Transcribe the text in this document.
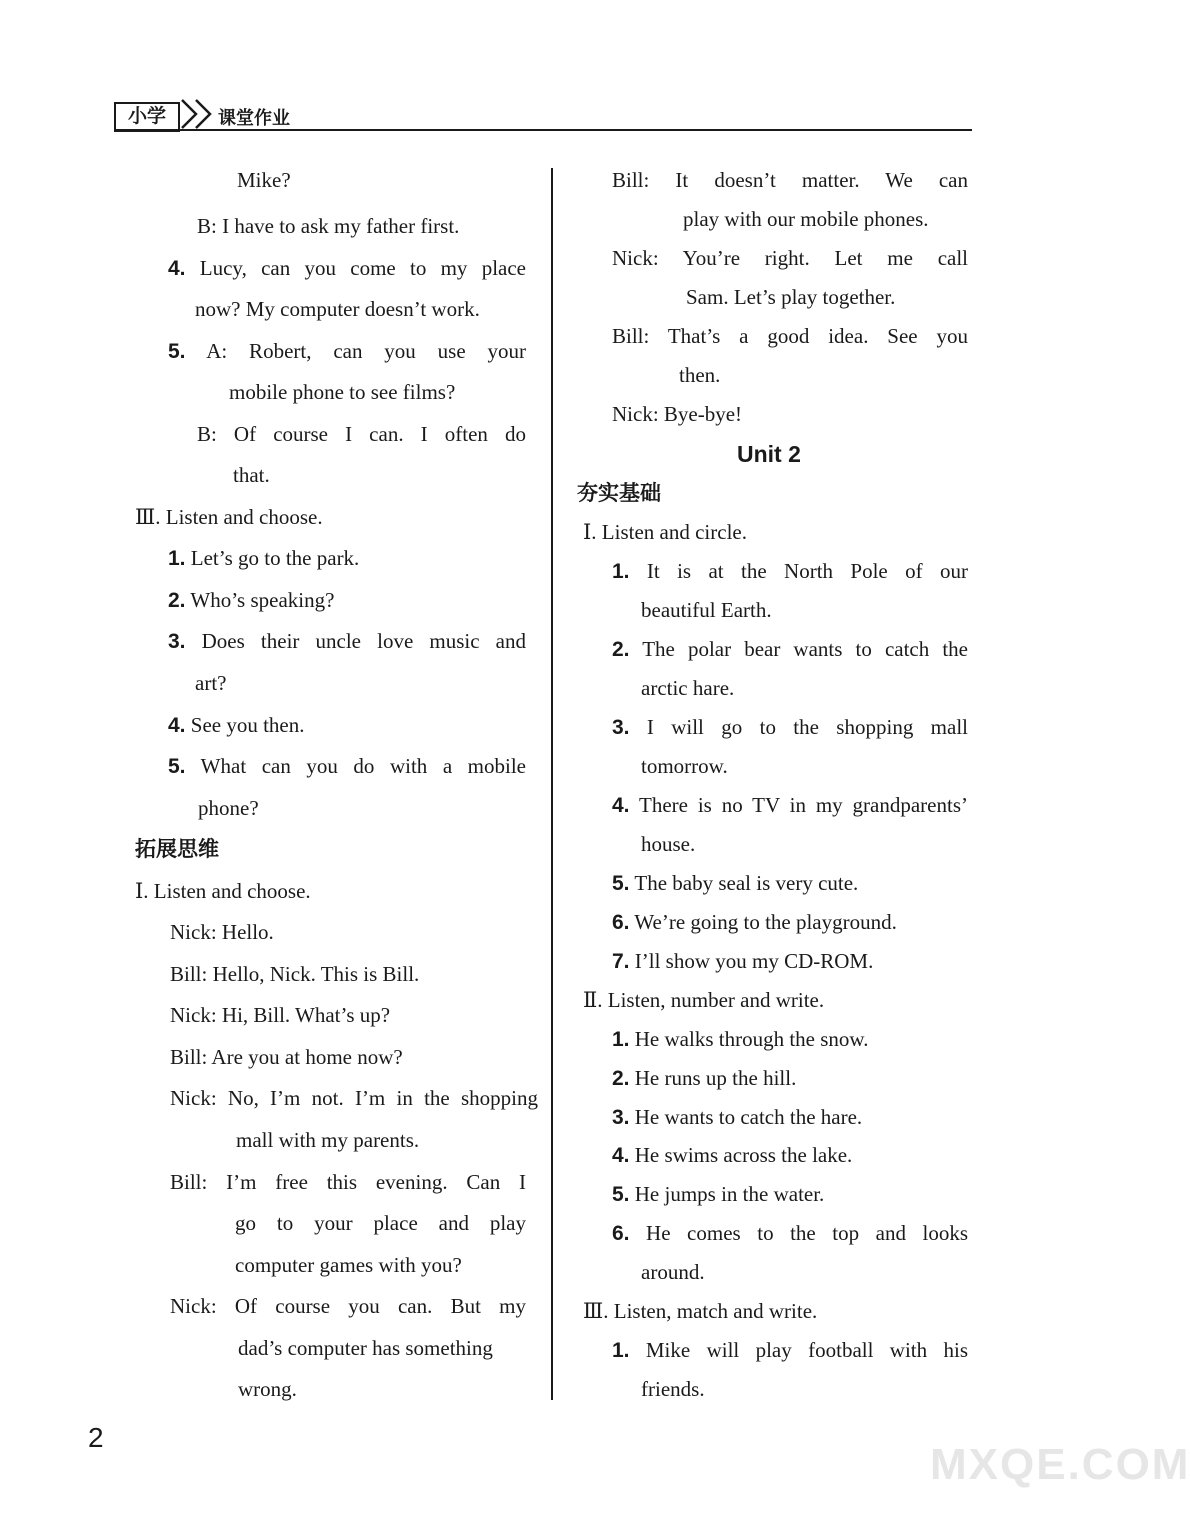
小学	课堂作业
Mike?
B: I have to ask my father first.
4. Lucy, can you come to my place
now? My computer doesn’t work.
5. A: Robert, can you use your
mobile phone to see films?
B: Of course I can. I often do
that.
Ⅲ. Listen and choose.
1. Let’s go to the park.
2. Who’s speaking?
3. Does their uncle love music and
art?
4. See you then.
5. What can you do with a mobile
phone?
拓展思维
Ⅰ. Listen and choose.
Nick: Hello.
Bill: Hello, Nick. This is Bill.
Nick: Hi, Bill. What’s up?
Bill: Are you at home now?
Nick: No, I’m not. I’m in the shopping
mall with my parents.
Bill: I’m free this evening. Can I
go to your place and play
computer games with you?
Nick: Of course you can. But my
dad’s computer has something
wrong.
Bill: It doesn’t matter. We can
play with our mobile phones.
Nick: You’re right. Let me call
Sam. Let’s play together.
Bill: That’s a good idea. See you
then.
Nick: Bye-bye!
Unit 2
夯实基础
Ⅰ. Listen and circle.
1. It is at the North Pole of our
beautiful Earth.
2. The polar bear wants to catch the
arctic hare.
3. I will go to the shopping mall
tomorrow.
4. There is no TV in my grandparents’
house.
5. The baby seal is very cute.
6. We’re going to the playground.
7. I’ll show you my CD-ROM.
Ⅱ. Listen, number and write.
1. He walks through the snow.
2. He runs up the hill.
3. He wants to catch the hare.
4. He swims across the lake.
5. He jumps in the water.
6. He comes to the top and looks
around.
Ⅲ. Listen, match and write.
1. Mike will play football with his
friends.
2
MXQE.COM
